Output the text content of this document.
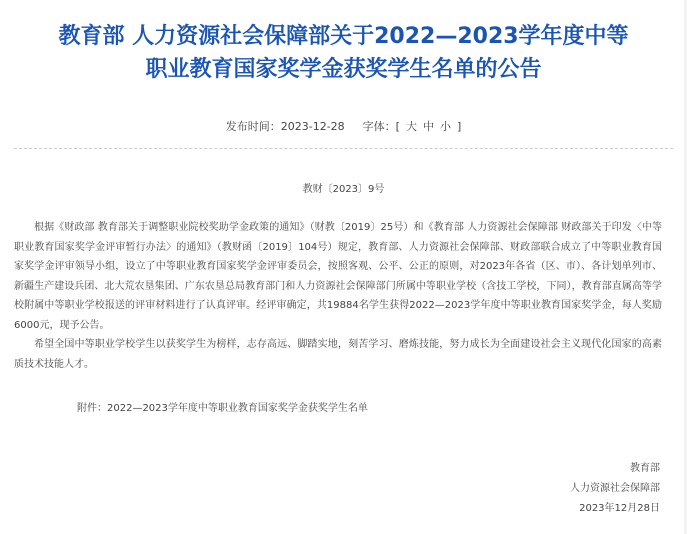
教育部 人力资源社会保障部关于2022—2023学年度中等
职业教育国家奖学金获奖学生名单的公告
发布时间：2023-12-28 字体：[ 大 中 小 ]
教财〔2023〕9号

根据《财政部 教育部关于调整职业院校奖助学金政策的通知》（财教〔2019〕25号）和《教育部 人力资源社会保障部 财政部关于印发〈中等职业教育国家奖学金评审暂行办法〉的通知》（教财函〔2019〕104号）规定，教育部、人力资源社会保障部、财政部联合成立了中等职业教育国家奖学金评审领导小组，设立了中等职业教育国家奖学金评审委员会，按照客观、公平、公正的原则，对2023年各省（区、市）、各计划单列市、新疆生产建设兵团、北大荒农垦集团、广东农垦总局教育部门和人力资源社会保障部门所属中等职业学校（含技工学校，下同），教育部直属高等学校附属中等职业学校报送的评审材料进行了认真评审。经评审确定，共19884名学生获得2022—2023学年度中等职业教育国家奖学金，每人奖励6000元，现予公告。

希望全国中等职业学校学生以获奖学生为榜样，志存高远、脚踏实地，刻苦学习、磨炼技能，努力成长为全面建设社会主义现代化国家的高素质技术技能人才。

附件：2022—2023学年度中等职业教育国家奖学金获奖学生名单
教育部
人力资源社会保障部
2023年12月28日
